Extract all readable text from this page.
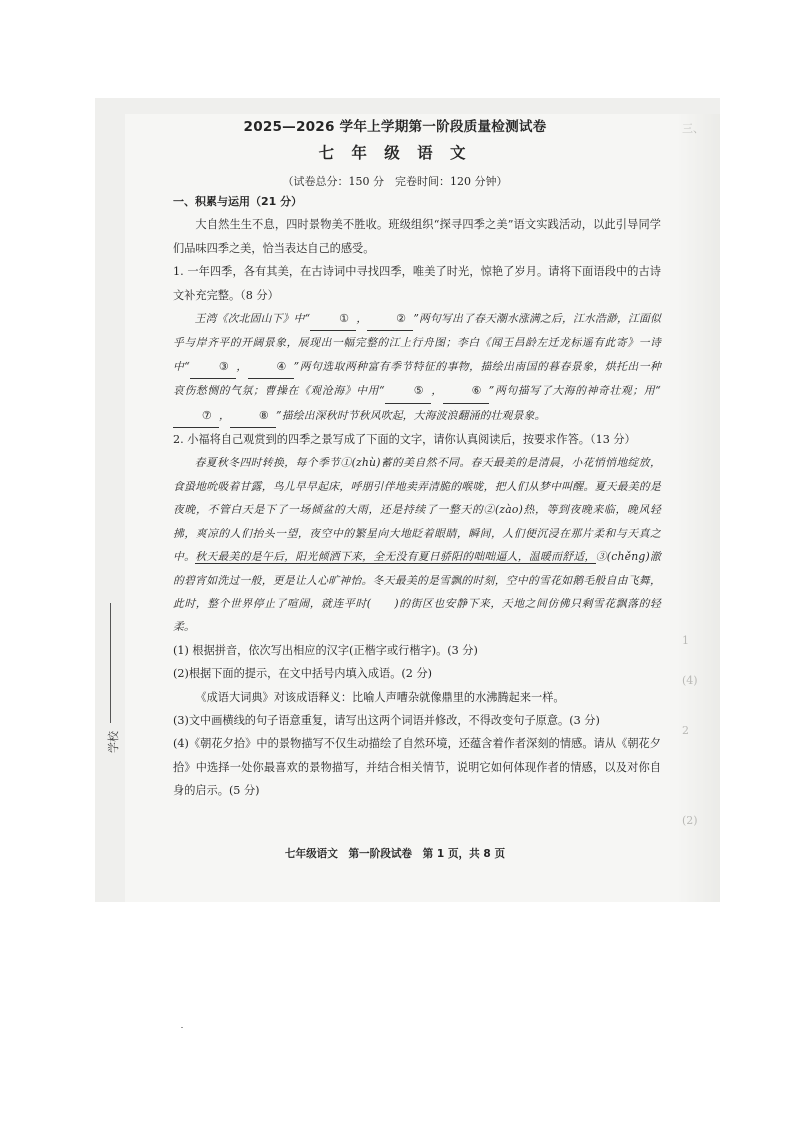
学校
三、
1
(4)
2
(2)
2025—2026 学年上学期第一阶段质量检测试卷
七 年 级 语 文
（试卷总分：150 分　完卷时间：120 分钟）

一、积累与运用（21 分）

大自然生生不息，四时景物美不胜收。班级组织“探寻四季之美”语文实践活动，以此引导同学们品味四季之美，恰当表达自己的感受。

1. 一年四季，各有其美，在古诗词中寻找四季，唯美了时光，惊艳了岁月。请将下面语段中的古诗文补充完整。（8 分）

王湾《次北固山下》中“	① ，	② ”两句写出了春天潮水涨满之后，江水浩渺，江面似乎与岸齐平的开阔景象，展现出一幅完整的江上行舟图；李白《闻王昌龄左迁龙标遥有此寄》一诗中“	③ ，	④ ”两句选取两种富有季节特征的事物，描绘出南国的暮春景象，烘托出一种哀伤愁恻的气氛；曹操在《观沧海》中用“	⑤ ，	⑥ ”两句描写了大海的神奇壮观；用“⑦ ，	⑧ ”描绘出深秋时节秋风吹起，大海波浪翻涌的壮观景象。

2. 小福将自己观赏到的四季之景写成了下面的文字，请你认真阅读后，按要求作答。（13 分）

春夏秋冬四时转换，每个季节①(zhù)蓄的美自然不同。春天最美的是清晨，小花悄悄地绽放，食蛩地吮吸着甘露，鸟儿早早起床，呼朋引伴地卖弄清脆的喉咙，把人们从梦中叫醒。夏天最美的是夜晚，不管白天是下了一场倾盆的大雨，还是持续了一整天的②(zào)热，等到夜晚来临，晚风轻拂，爽凉的人们抬头一望，夜空中的繁星向大地眨着眼睛，瞬间，人们便沉浸在那片柔和与天真之中。秋天最美的是午后，阳光倾洒下来，全无没有夏日骄阳的咄咄逼人，温暖而舒适，③(chěng)澈的碧宵如洗过一般，更是让人心旷神怡。冬天最美的是雪飘的时刻，空中的雪花如鹅毛般自由飞舞，此时，整个世界停止了喧闹，就连平时(　　)的街区也安静下来，天地之间仿佛只剩雪花飘落的轻柔。

(1) 根据拼音，依次写出相应的汉字(正楷字或行楷字)。(3 分)

(2)根据下面的提示，在文中括号内填入成语。(2 分)

《成语大词典》对该成语释义：比喻人声嘈杂就像鼎里的水沸腾起来一样。

(3)文中画横线的句子语意重复，请写出这两个词语并修改，不得改变句子原意。(3 分)

(4)《朝花夕拾》中的景物描写不仅生动描绘了自然环境，还蕴含着作者深刻的情感。请从《朝花夕拾》中选择一处你最喜欢的景物描写，并结合相关情节，说明它如何体现作者的情感，以及对你自身的启示。(5 分)

七年级语文　第一阶段试卷　第 1 页，共 8 页
